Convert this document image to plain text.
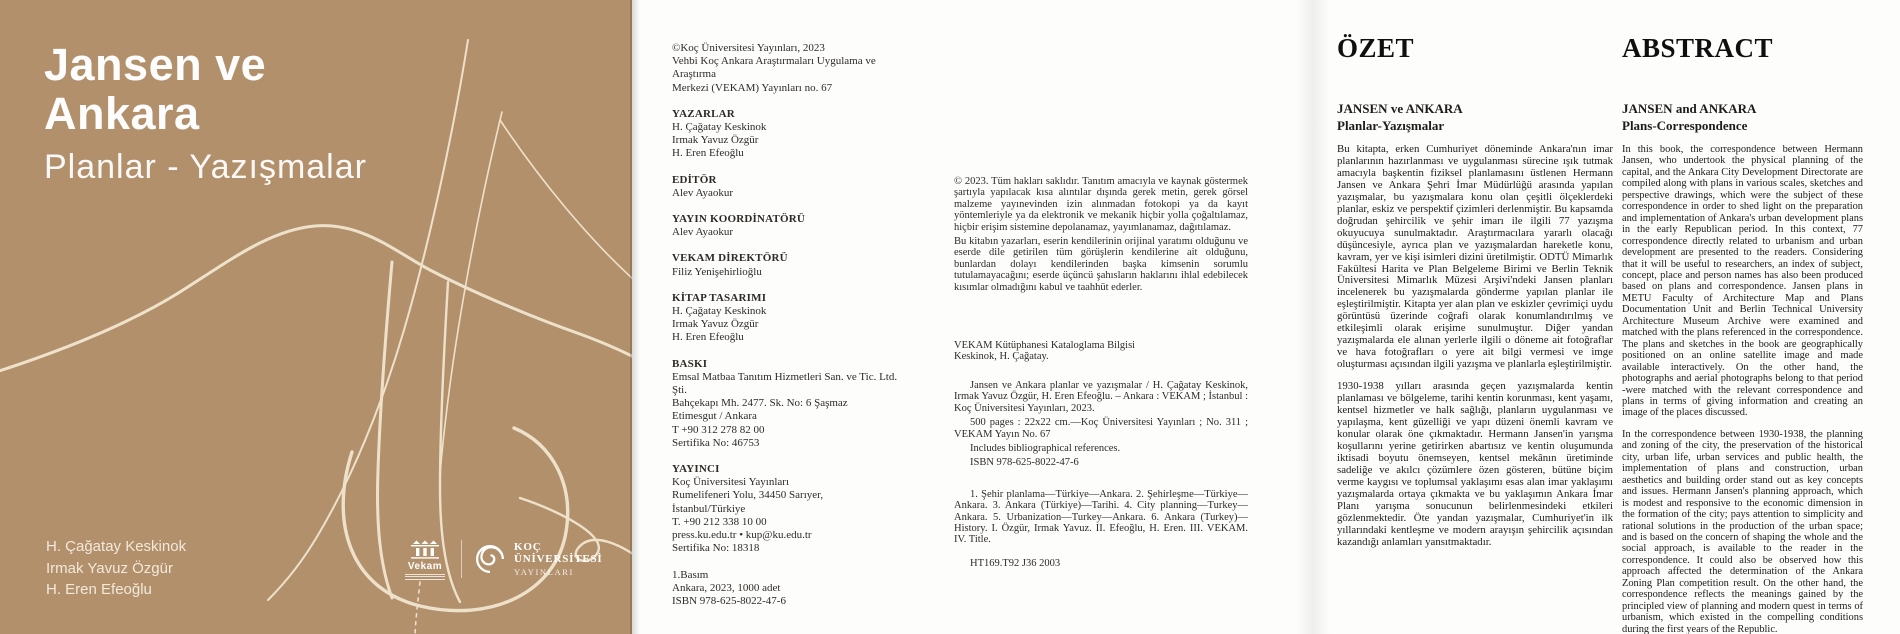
Jansen ve
Ankara
Planlar - Yazışmalar
H. Çağatay Keskinok
Irmak Yavuz Özgür
H. Eren Efeoğlu
Vekam
KOÇ
ÜNİVERSİTESİ
YAYINLARI
©Koç Üniversitesi Yayınları, 2023
Vehbi Koç Ankara Araştırmaları Uygulama ve Araştırma
Merkezi (VEKAM) Yayınları no. 67
YAZARLAR
H. Çağatay Keskinok
Irmak Yavuz Özgür
H. Eren Efeoğlu
EDİTÖR
Alev Ayaokur
YAYIN KOORDİNATÖRÜ
Alev Ayaokur
VEKAM DİREKTÖRÜ
Filiz Yenişehirlioğlu
KİTAP TASARIMI
H. Çağatay Keskinok
Irmak Yavuz Özgür
H. Eren Efeoğlu
BASKI
Emsal Matbaa Tanıtım Hizmetleri San. ve Tic. Ltd. Şti.
Bahçekapı Mh. 2477. Sk. No: 6 Şaşmaz
Etimesgut / Ankara
T +90 312 278 82 00
Sertifika No: 46753
YAYINCI
Koç Üniversitesi Yayınları
Rumelifeneri Yolu, 34450 Sarıyer,
İstanbul/Türkiye
T. +90 212 338 10 00
press.ku.edu.tr • kup@ku.edu.tr
Sertifika No: 18318
1.Basım
Ankara, 2023, 1000 adet
ISBN 978-625-8022-47-6

© 2023. Tüm hakları saklıdır. Tanıtım amacıyla ve kaynak göstermek şartıyla yapılacak kısa alıntılar dışında gerek metin, gerek görsel malzeme yayınevinden izin alınmadan fotokopi ya da kayıt yöntemleriyle ya da elektronik ve mekanik hiçbir yolla çoğaltılamaz, hiçbir erişim sistemine depolanamaz, yayımlanamaz, dağıtılamaz.

Bu kitabın yazarları, eserin kendilerinin orijinal yaratımı olduğunu ve eserde dile getirilen tüm görüşlerin kendilerine ait olduğunu, bunlardan dolayı kendilerinden başka kimsenin sorumlu tutulamayacağını; eserde üçüncü şahısların haklarını ihlal edebilecek kısımlar olmadığını kabul ve taahhüt ederler.

VEKAM Kütüphanesi Kataloglama Bilgisi
Keskinok, H. Çağatay.

Jansen ve Ankara planlar ve yazışmalar / H. Çağatay Keskinok, Irmak Yavuz Özgür, H. Eren Efeoğlu. – Ankara : VEKAM ; İstanbul : Koç Üniversitesi Yayınları, 2023.

500 pages : 22x22 cm.—Koç Üniversitesi Yayınları ; No. 311 ; VEKAM Yayın No. 67

Includes bibliographical references.

ISBN 978-625-8022-47-6

1. Şehir planlama—Türkiye—Ankara. 2. Şehirleşme—Türkiye—Ankara. 3. Ankara (Türkiye)—Tarihi. 4. City planning—Turkey—Ankara. 5. Urbanization—Turkey—Ankara. 6. Ankara (Turkey)—History. I. Özgür, Irmak Yavuz. II. Efeoğlu, H. Eren. III. VEKAM. IV. Title.

HT169.T92 J36 2003

ÖZET
JANSEN ve ANKARA
Planlar-Yazışmalar

Bu kitapta, erken Cumhuriyet döneminde Ankara'nın imar planlarının hazırlanması ve uygulanması sürecine ışık tutmak amacıyla başkentin fiziksel planlamasını üstlenen Hermann Jansen ve Ankara Şehri İmar Müdürlüğü arasında yapılan yazışmalar, bu yazışmalara konu olan çeşitli ölçeklerdeki planlar, eskiz ve perspektif çizimleri derlenmiştir. Bu kapsamda doğrudan şehircilik ve şehir imarı ile ilgili 77 yazışma okuyucuya sunulmaktadır. Araştırmacılara yararlı olacağı düşüncesiyle, ayrıca plan ve yazışmalardan hareketle konu, kavram, yer ve kişi isimleri dizini üretilmiştir. ODTÜ Mimarlık Fakültesi Harita ve Plan Belgeleme Birimi ve Berlin Teknik Üniversitesi Mimarlık Müzesi Arşivi'ndeki Jansen planları incelenerek bu yazışmalarda gönderme yapılan planlar ile eşleştirilmiştir. Kitapta yer alan plan ve eskizler çevrimiçi uydu görüntüsü üzerinde coğrafi olarak konumlandırılmış ve etkileşimli olarak erişime sunulmuştur. Diğer yandan yazışmalarda ele alınan yerlerle ilgili o döneme ait fotoğraflar ve hava fotoğrafları o yere ait bilgi vermesi ve imge oluşturması açısından ilgili yazışma ve planlarla eşleştirilmiştir.

1930-1938 yılları arasında geçen yazışmalarda kentin planlaması ve bölgeleme, tarihi kentin korunması, kent yaşamı, kentsel hizmetler ve halk sağlığı, planların uygulanması ve yapılaşma, kent güzelliği ve yapı düzeni önemli kavram ve konular olarak öne çıkmaktadır. Hermann Jansen'in yarışma koşullarını yerine getirirken abartısız ve kentin oluşumunda iktisadi boyutu önemseyen, kentsel mekânın üretiminde sadeliğe ve akılcı çözümlere özen gösteren, bütüne biçim verme kaygısı ve toplumsal yaklaşımı esas alan imar yaklaşımı yazışmalarda ortaya çıkmakta ve bu yaklaşımın Ankara İmar Planı yarışma sonucunun belirlenmesindeki etkileri gözlenmektedir. Öte yandan yazışmalar, Cumhuriyet'in ilk yıllarındaki kentleşme ve modern arayışın şehircilik açısından kazandığı anlamları yansıtmaktadır.

ABSTRACT
JANSEN and ANKARA
Plans-Correspondence

In this book, the correspondence between Hermann Jansen, who undertook the physical planning of the capital, and the Ankara City Development Directorate are compiled along with plans in various scales, sketches and perspective drawings, which were the subject of these correspondence in order to shed light on the preparation and implementation of Ankara's urban development plans in the early Republican period. In this context, 77 correspondence directly related to urbanism and urban development are presented to the readers. Considering that it will be useful to researchers, an index of subject, concept, place and person names has also been produced based on plans and correspondence. Jansen plans in METU Faculty of Architecture Map and Plans Documentation Unit and Berlin Technical University Architecture Museum Archive were examined and matched with the plans referenced in the correspondence. The plans and sketches in the book are geographically positioned on an online satellite image and made available interactively. On the other hand, the photographs and aerial photographs belong to that period -were matched with the relevant correspondence and plans in terms of giving information and creating an image of the places discussed.

In the correspondence between 1930-1938, the planning and zoning of the city, the preservation of the historical city, urban life, urban services and public health, the implementation of plans and construction, urban aesthetics and building order stand out as key concepts and issues. Hermann Jansen's planning approach, which is modest and responsive to the economic dimension in the formation of the city; pays attention to simplicity and rational solutions in the production of the urban space; and is based on the concern of shaping the whole and the social approach, is available to the reader in the correspondence. It could also be observed how this approach affected the determination of the Ankara Zoning Plan competition result. On the other hand, the correspondence reflects the meanings gained by the principled view of planning and modern quest in terms of urbanism, which existed in the compelling conditions during the first years of the Republic.
